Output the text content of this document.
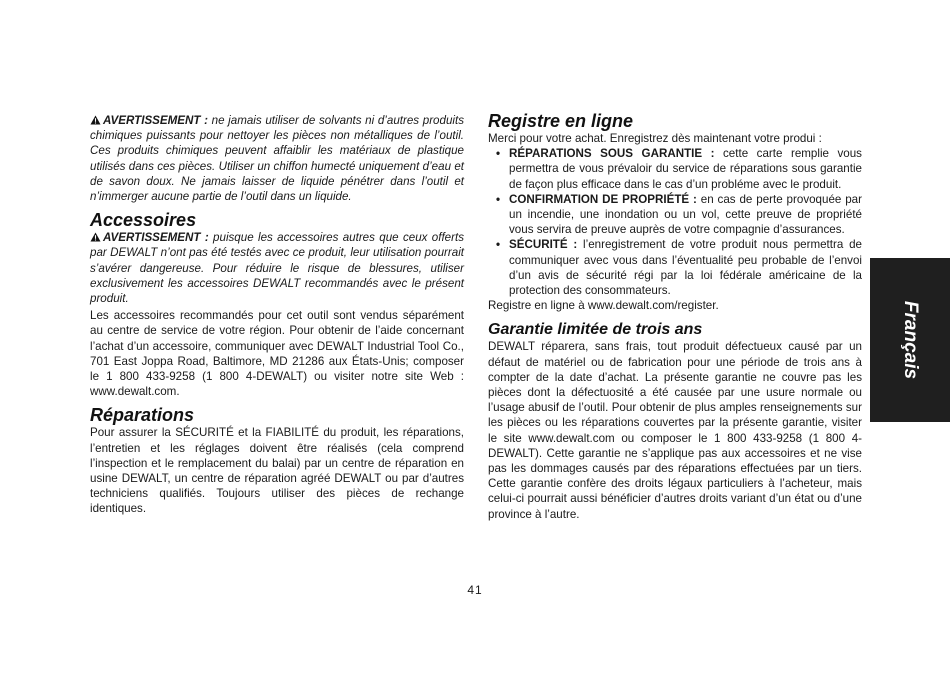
AVERTISSEMENT : ne jamais utiliser de solvants ni d’autres produits chimiques puissants pour nettoyer les pièces non métalliques de l’outil. Ces produits chimiques peuvent affaiblir les matériaux de plastique utilisés dans ces pièces. Utiliser un chiffon humecté uniquement d’eau et de savon doux. Ne jamais laisser de liquide pénétrer dans l’outil et n’immerger aucune partie de l’outil dans un liquide.

Accessoires

AVERTISSEMENT : puisque les accessoires autres que ceux offerts par DEWALT n’ont pas été testés avec ce produit, leur utilisation pourrait s’avérer dangereuse. Pour réduire le risque de blessures, utiliser exclusivement les accessoires DEWALT recommandés avec le présent produit.

Les accessoires recommandés pour cet outil sont vendus séparément au centre de service de votre région. Pour obtenir de l’aide concernant l’achat d’un accessoire, communiquer avec DEWALT Industrial Tool Co., 701 East Joppa Road, Baltimore, MD 21286 aux États-Unis; composer le 1 800 433-9258 (1 800 4-DEWALT) ou visiter notre site Web : www.dewalt.com.

Réparations

Pour assurer la SÉCURITÉ et la FIABILITÉ du produit, les réparations, l’entretien et les réglages doivent être réalisés (cela comprend l’inspection et le remplacement du balai) par un centre de réparation en usine DEWALT, un centre de réparation agréé DEWALT ou par d’autres techniciens qualifiés. Toujours utiliser des pièces de rechange identiques.

Registre en ligne

Merci pour votre achat. Enregistrez dès maintenant votre produi :

• RÉPARATIONS SOUS GARANTIE : cette carte remplie vous permettra de vous prévaloir du service de réparations sous garantie de façon plus efficace dans le cas d’un probléme avec le produit.
• CONFIRMATION DE PROPRIÉTÉ : en cas de perte provoquée par un incendie, une inondation ou un vol, cette preuve de propriété vous servira de preuve auprès de votre compagnie d’assurances.
• SÉCURITÉ : l’enregistrement de votre produit nous permettra de communiquer avec vous dans l’éventualité peu probable de l’envoi d’un avis de sécurité régi par la loi fédérale américaine de la protection des consommateurs.

Registre en ligne à www.dewalt.com/register.

Garantie limitée de trois ans

DEWALT réparera, sans frais, tout produit défectueux causé par un défaut de matériel ou de fabrication pour une période de trois ans à compter de la date d’achat. La présente garantie ne couvre pas les pièces dont la défectuosité a été causée par une usure normale ou l’usage abusif de l’outil. Pour obtenir de plus amples renseignements sur les pièces ou les réparations couvertes par la présente garantie, visiter le site www.dewalt.com ou composer le 1 800 433-9258 (1 800 4-DEWALT). Cette garantie ne s’applique pas aux accessoires et ne vise pas les dommages causés par des réparations effectuées par un tiers. Cette garantie confère des droits légaux particuliers à l’acheteur, mais celui-ci pourrait aussi bénéficier d’autres droits variant d’un état ou d’une province à l’autre.

Français
41
